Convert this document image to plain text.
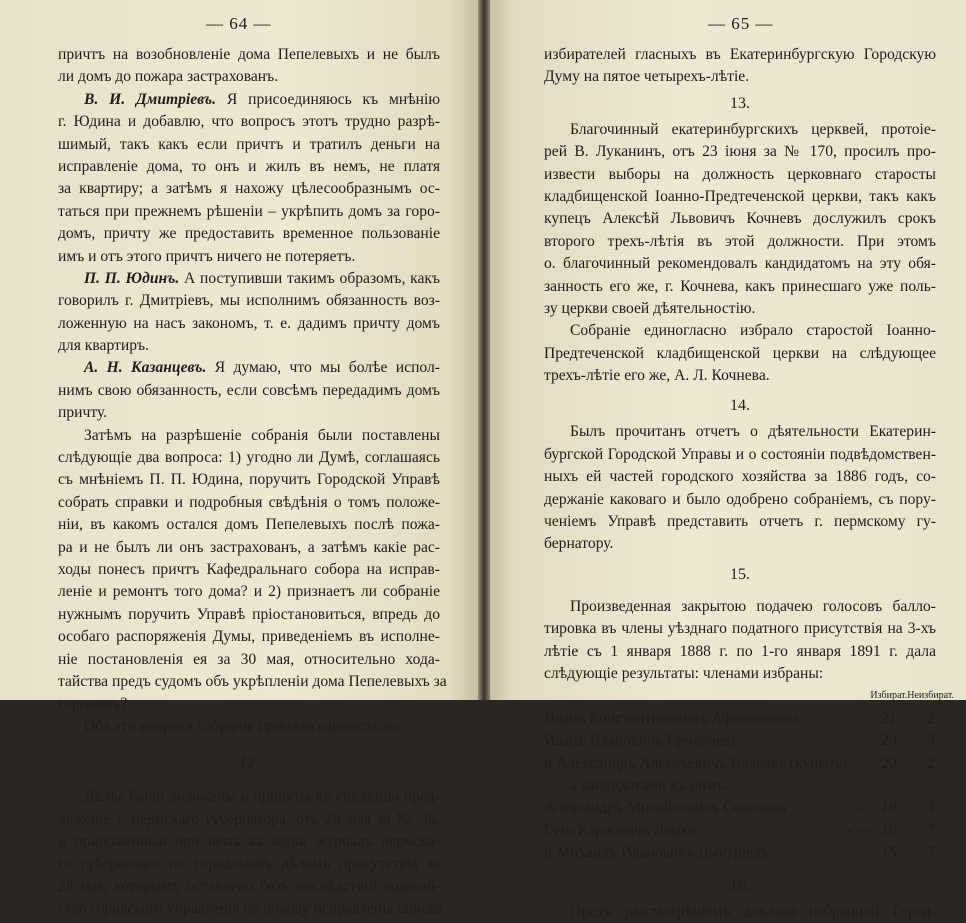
— 64 —
причтъ на возобновленіе дома Пепелевыхъ и не былъ
ли домъ до пожара застрахованъ.
В. И. Дмитріевъ. Я присоединяюсь къ мнѣнію
г. Юдина и добавлю, что вопросъ этотъ трудно разрѣ-
шимый, такъ какъ если причтъ и тратилъ деньги на
исправленіе дома, то онъ и жилъ въ немъ, не платя
за квартиру; а затѣмъ я нахожу цѣлесообразнымъ ос-
таться при прежнемъ рѣшеніи – укрѣпить домъ за горо-
домъ, причту же предоставить временное пользованіе
имъ и отъ этого причтъ ничего не потеряетъ.
П. П. Юдинъ. А поступивши такимъ образомъ, какъ
говорилъ г. Дмитріевъ, мы исполнимъ обязанность воз-
ложенную на насъ закономъ, т. е. дадимъ причту домъ
для квартиръ.
А. Н. Казанцевъ. Я думаю, что мы болѣе испол-
нимъ свою обязанность, если совсѣмъ передадимъ домъ
причту.
Затѣмъ на разрѣшеніе собранія были поставлены
слѣдующіе два вопроса: 1) угодно ли Думѣ, соглашаясь
съ мнѣніемъ П. П. Юдина, поручить Городской Управѣ
собрать справки и подробныя свѣдѣнія о томъ положе-
ніи, въ какомъ остался домъ Пепелевыхъ послѣ пожа-
ра и не былъ ли онъ застрахованъ, а затѣмъ какіе рас-
ходы понесъ причтъ Кафедральнаго собора на исправ-
леніе и ремонтъ того дома? и 2) признаетъ ли собраніе
нужнымъ поручить Управѣ пріостановиться, впредь до
особаго распоряженія Думы, приведеніемъ въ исполне-
ніе постановленія ея за 30 мая, относительно хода-
тайства предъ судомъ объ укрѣпленіи дома Пепелевыхъ за
городомъ?
Оба эти вопроса собраніе приняло единогласно.
12.
Далѣе были доложены и приняты къ свѣдѣнію пред-
ложеніе г. пермскаго губернатора, отъ 28 мая за № 36,
и приложенный при немъ въ копіи журналъ пермска-
го губернскаго по городскимъ дѣламъ присутствія за
28 мая, которымъ оставлено безъ послѣдствій ходатай-
ство городского управленія по поводу исправленія списка
— 65 —
избирателей гласныхъ въ Екатеринбургскую Городскую
Думу на пятое четырехъ-лѣтіе.
13.
Благочинный екатеринбургскихъ церквей, протоіе-
рей В. Луканинъ, отъ 23 іюня за № 170, просилъ про-
извести выборы на должность церковнаго старосты
кладбищенской Іоанно-Предтеченской церкви, такъ какъ
купецъ Алексѣй Львовичъ Кочневъ дослужилъ срокъ
второго трехъ-лѣтія въ этой должности. При этомъ
о. благочинный рекомендовалъ кандидатомъ на эту обя-
занность его же, г. Кочнева, какъ принесшаго уже поль-
зу церкви своей дѣятельностію.
Собраніе единогласно избрало старостой Іоанно-
Предтеченской кладбищенской церкви на слѣдующее
трехъ-лѣтіе его же, А. Л. Кочнева.
14.
Былъ прочитанъ отчетъ о дѣятельности Екатерин-
бургской Городской Управы и о состояніи подвѣдомствен-
ныхъ ей частей городского хозяйства за 1886 годъ, со-
держаніе каковаго и было одобрено собраніемъ, съ пору-
ченіемъ Управѣ представить отчетъ г. пермскому гу-
бернатору.
15.
Произведенная закрытою подачею голосовъ балло-
тировка въ члены уѣзднаго податного присутствія на 3-хъ
лѣтіе съ 1 января 1888 г. по 1-го января 1891 г. дала
слѣдующіе результаты: членами избраны:
		Избират.	Неизбират.
Иванъ Константиновичъ Афиногеновъ		21	2
Иванъ Ивановичъ Ермолаевъ	- -	20	3
и Александръ Алексѣевичъ Волковъ (купецъ)		20	2
а кандидатами къ нимъ:			
Александръ Михайловичъ Соколовъ	-	19	3
Гуго Карловичъ Лемке	- - -	16	7
и Михаилъ Ивановичъ Дмитріевъ	- -	15	7
16.
Предъ разсмотрѣніемъ доклада избранной Город-
